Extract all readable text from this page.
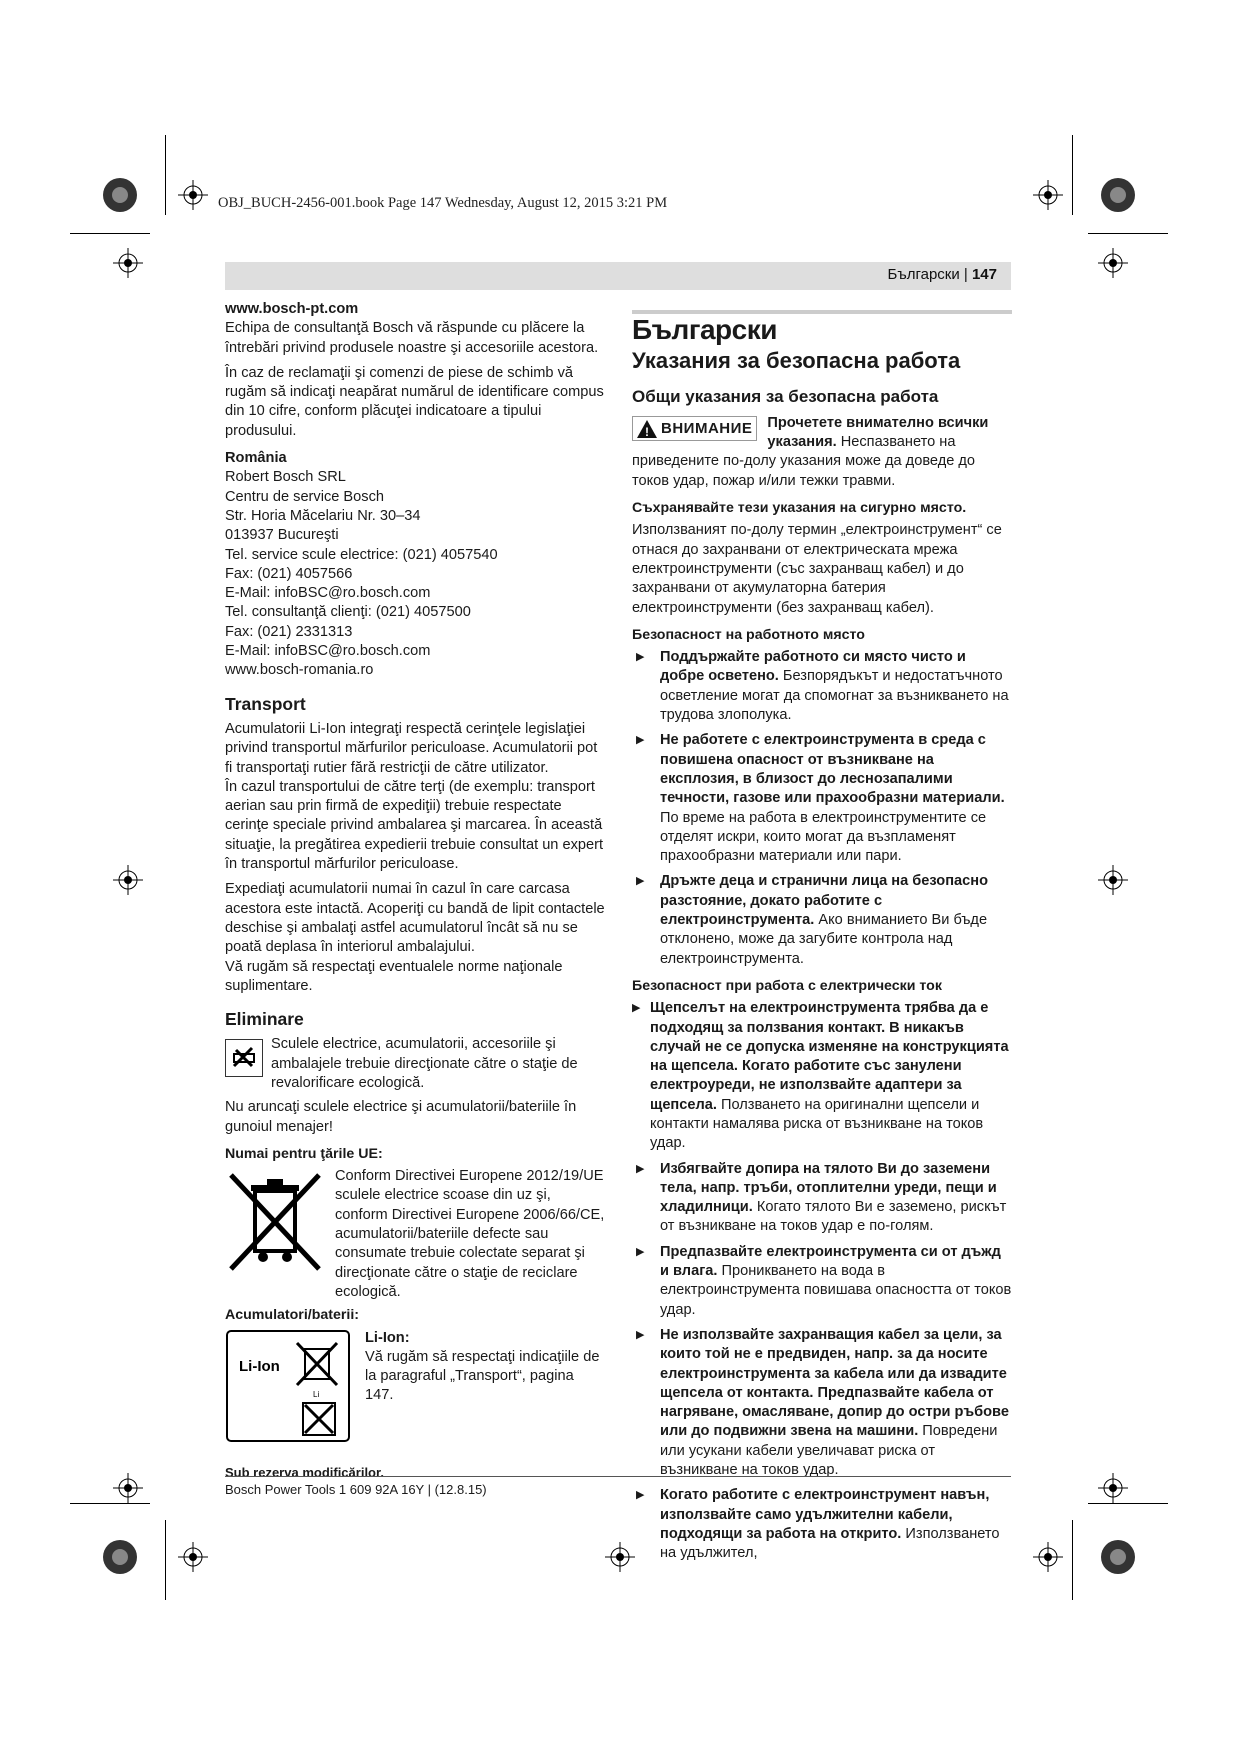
OBJ_BUCH-2456-001.book Page 147 Wednesday, August 12, 2015 3:21 PM
Български | 147

www.bosch-pt.com

Echipa de consultanţă Bosch vă răspunde cu plăcere la întrebări privind produsele noastre şi accesoriile acestora.

În caz de reclamaţii şi comenzi de piese de schimb vă rugăm să indicaţi neapărat numărul de identificare compus din 10 cifre, conform plăcuţei indicatoare a tipului produsului.

România

Robert Bosch SRL
Centru de service Bosch
Str. Horia Măcelariu Nr. 30–34
013937 Bucureşti
Tel. service scule electrice: (021) 4057540
Fax: (021) 4057566
E-Mail: infoBSC@ro.bosch.com
Tel. consultanţă clienţi: (021) 4057500
Fax: (021) 2331313
E-Mail: infoBSC@ro.bosch.com
www.bosch-romania.ro

Transport

Acumulatorii Li-Ion integraţi respectă cerinţele legislaţiei privind transportul mărfurilor periculoase. Acumulatorii pot fi transportaţi rutier fără restricţii de către utilizator.

În cazul transportului de către terţi (de exemplu: transport aerian sau prin firmă de expediţii) trebuie respectate cerinţe speciale privind ambalarea şi marcarea. În această situaţie, la pregătirea expedierii trebuie consultat un expert în transportul mărfurilor periculoase.

Expediaţi acumulatorii numai în cazul în care carcasa acestora este intactă. Acoperiţi cu bandă de lipit contactele deschise şi ambalaţi astfel acumulatorul încât să nu se poată deplasa în interiorul ambalajului.

Vă rugăm să respectaţi eventualele norme naţionale suplimentare.

Eliminare

Sculele electrice, acumulatorii, accesoriile şi ambalajele trebuie direcţionate către o staţie de revalorificare ecologică.

Nu aruncaţi sculele electrice şi acumulatorii/bateriile în gunoiul menajer!

Numai pentru ţările UE:

Conform Directivei Europene 2012/19/UE sculele electrice scoase din uz şi, conform Directivei Europene 2006/66/CE, acumulatorii/bateriile defecte sau consumate trebuie colectate separat şi direcţionate către o staţie de reciclare ecologică.

Acumulatori/baterii:

Li-Ion
Li

Li-Ion:

Vă rugăm să respectaţi indicaţiile de la paragraful „Transport“, pagina 147.

Sub rezerva modificărilor.

Български
Указания за безопасна работа
Общи указания за безопасна работа
!
ВНИМАНИЕ Прочетете внимателно всички указания. Неспазването на приведените по-долу указания може да доведе до токов удар, пожар и/или тежки травми.

Съхранявайте тези указания на сигурно място.

Използваният по-долу термин „електроинструмент“ се отнася до захранвани от електрическата мрежа електроинструменти (със захранващ кабел) и до захранвани от акумулаторна батерия електроинструменти (без захранващ кабел).

Безопасност на работното място

▶ Поддържайте работното си място чисто и добре осветено. Безпорядъкът и недостатъчното осветление могат да спомогнат за възникването на трудова злополука.
▶ Не работете с електроинструмента в среда с повишена опасност от възникване на експлозия, в близост до леснозапалими течности, газове или прахообразни материали. По време на работа в електроинструментите се отделят искри, които могат да възпламенят прахообразни материали или пари.
▶ Дръжте деца и странични лица на безопасно разстояние, докато работите с електроинструмента. Ако вниманието Ви бъде отклонено, може да загубите контрола над електроинструмента.

Безопасност при работа с електрически ток

▶ Щепселът на електроинструмента трябва да е подходящ за ползвания контакт. В никакъв случай не се допуска изменяне на конструкцията на щепсела. Когато работите със занулени електроуреди, не използвайте адаптери за щепсела. Ползването на оригинални щепсели и контакти намалява риска от възникване на токов удар.
▶ Избягвайте допира на тялото Ви до заземени тела, напр. тръби, отоплителни уреди, пещи и хладилници. Когато тялото Ви е заземено, рискът от възникване на токов удар е по-голям.
▶ Предпазвайте електроинструмента си от дъжд и влага. Проникването на вода в електроинструмента повишава опасността от токов удар.
▶ Не използвайте захранващия кабел за цели, за които той не е предвиден, напр. за да носите електроинструмента за кабела или да извадите щепсела от контакта. Предпазвайте кабела от нагряване, омасляване, допир до остри ръбове или до подвижни звена на машини. Повредени или усукани кабели увеличават риска от възникване на токов удар.
▶ Когато работите с електроинструмент навън, използвайте само удължителни кабели, подходящи за работа на открито. Използването на удължител,
Bosch Power Tools 1 609 92A 16Y | (12.8.15)
